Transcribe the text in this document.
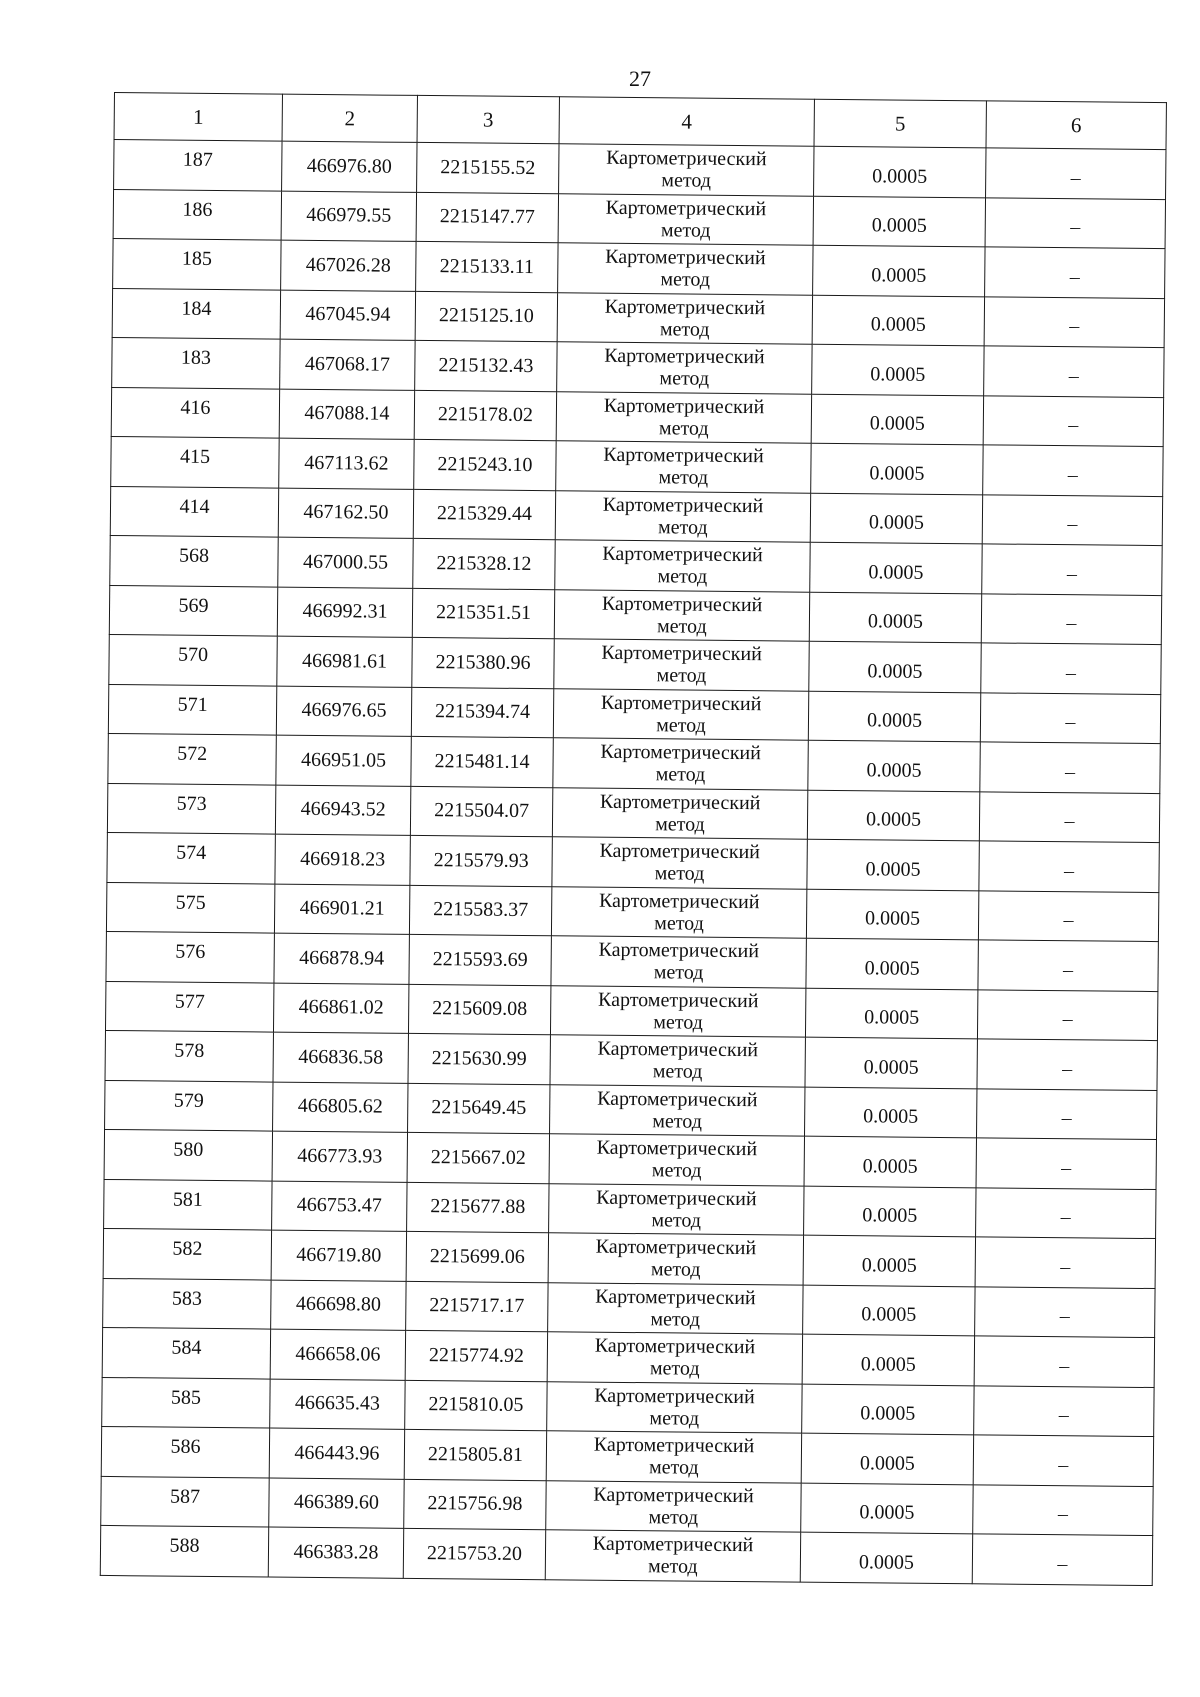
27
1	2	3	4	5	6
187	466976.80	2215155.52	Картометрический
метод	0.0005	–
186	466979.55	2215147.77	Картометрический
метод	0.0005	–
185	467026.28	2215133.11	Картометрический
метод	0.0005	–
184	467045.94	2215125.10	Картометрический
метод	0.0005	–
183	467068.17	2215132.43	Картометрический
метод	0.0005	–
416	467088.14	2215178.02	Картометрический
метод	0.0005	–
415	467113.62	2215243.10	Картометрический
метод	0.0005	–
414	467162.50	2215329.44	Картометрический
метод	0.0005	–
568	467000.55	2215328.12	Картометрический
метод	0.0005	–
569	466992.31	2215351.51	Картометрический
метод	0.0005	–
570	466981.61	2215380.96	Картометрический
метод	0.0005	–
571	466976.65	2215394.74	Картометрический
метод	0.0005	–
572	466951.05	2215481.14	Картометрический
метод	0.0005	–
573	466943.52	2215504.07	Картометрический
метод	0.0005	–
574	466918.23	2215579.93	Картометрический
метод	0.0005	–
575	466901.21	2215583.37	Картометрический
метод	0.0005	–
576	466878.94	2215593.69	Картометрический
метод	0.0005	–
577	466861.02	2215609.08	Картометрический
метод	0.0005	–
578	466836.58	2215630.99	Картометрический
метод	0.0005	–
579	466805.62	2215649.45	Картометрический
метод	0.0005	–
580	466773.93	2215667.02	Картометрический
метод	0.0005	–
581	466753.47	2215677.88	Картометрический
метод	0.0005	–
582	466719.80	2215699.06	Картометрический
метод	0.0005	–
583	466698.80	2215717.17	Картометрический
метод	0.0005	–
584	466658.06	2215774.92	Картометрический
метод	0.0005	–
585	466635.43	2215810.05	Картометрический
метод	0.0005	–
586	466443.96	2215805.81	Картометрический
метод	0.0005	–
587	466389.60	2215756.98	Картометрический
метод	0.0005	–
588	466383.28	2215753.20	Картометрический
метод	0.0005	–
